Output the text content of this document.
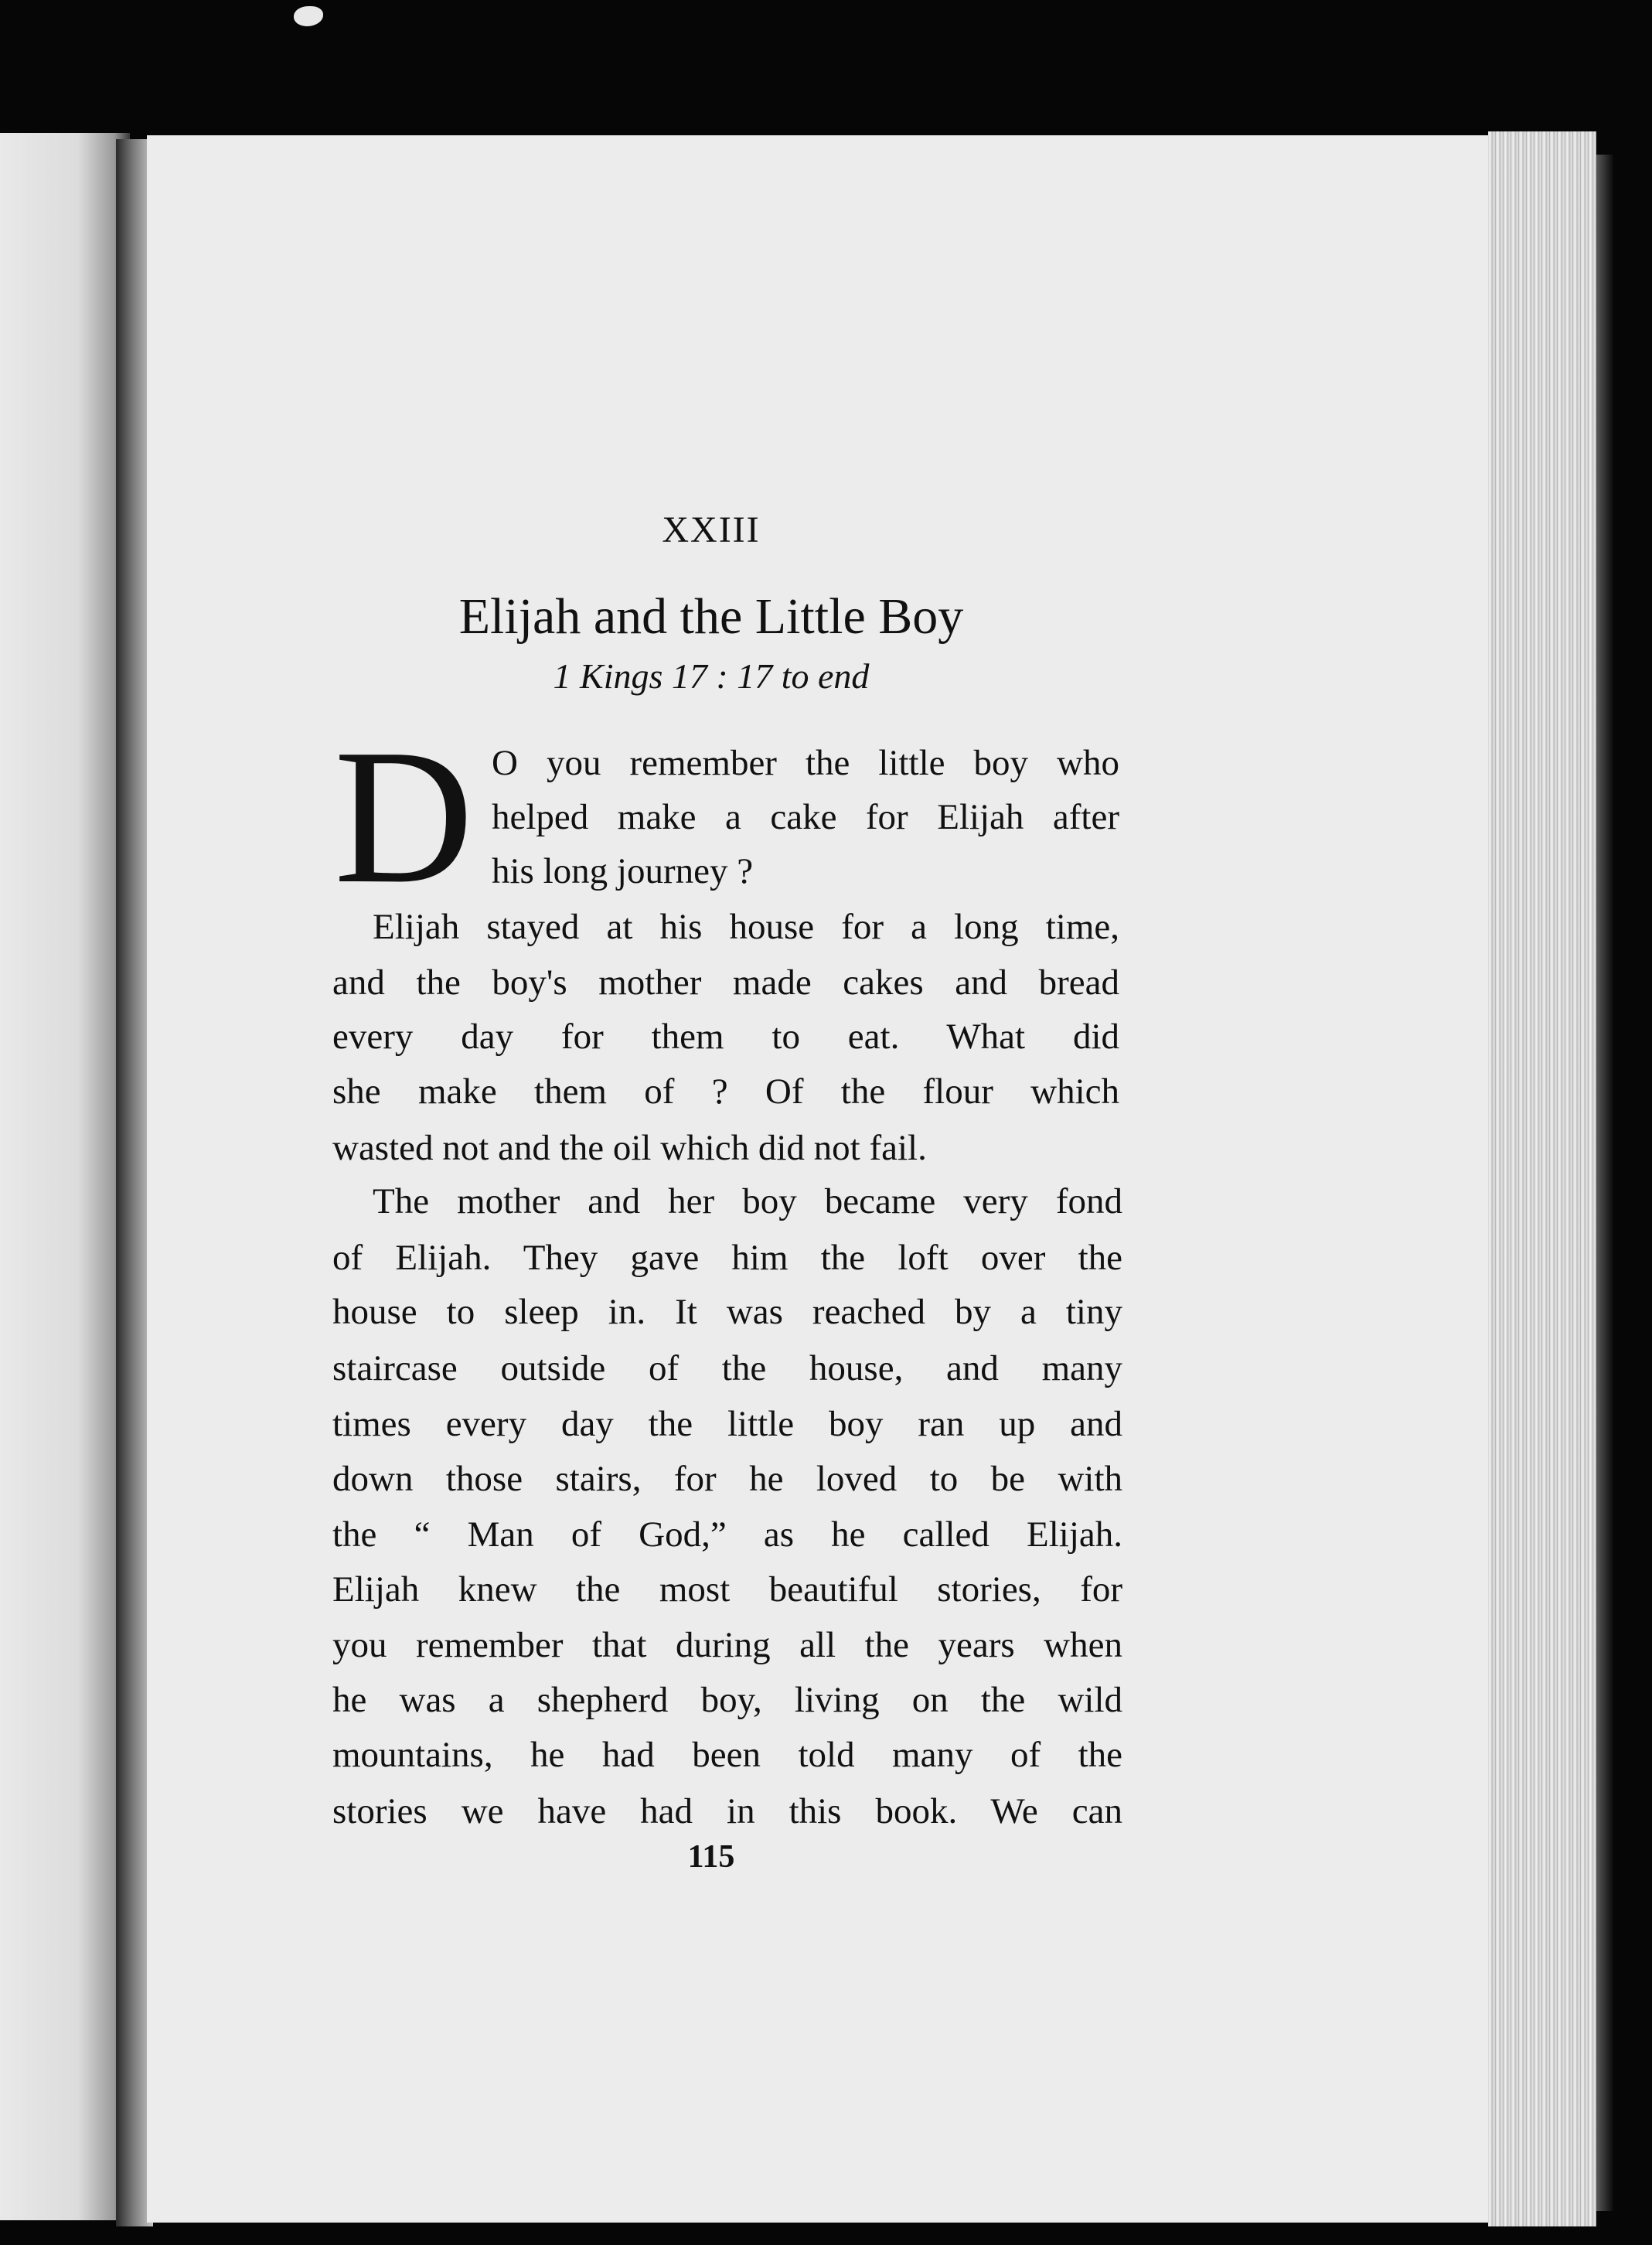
XXIII
Elijah and the Little Boy
1 Kings 17 : 17 to end
D O you remember the little boy who
helped make a cake for Elijah after
his long journey ?
Elijah stayed at his house for a long time,
and the boy's mother made cakes and bread
every day for them to eat. What did
she make them of ? Of the flour which
wasted not and the oil which did not fail.
The mother and her boy became very fond
of Elijah. They gave him the loft over the
house to sleep in. It was reached by a tiny
staircase outside of the house, and many
times every day the little boy ran up and
down those stairs, for he loved to be with
the “ Man of God,” as he called Elijah.
Elijah knew the most beautiful stories, for
you remember that during all the years when
he was a shepherd boy, living on the wild
mountains, he had been told many of the
stories we have had in this book. We can
115
